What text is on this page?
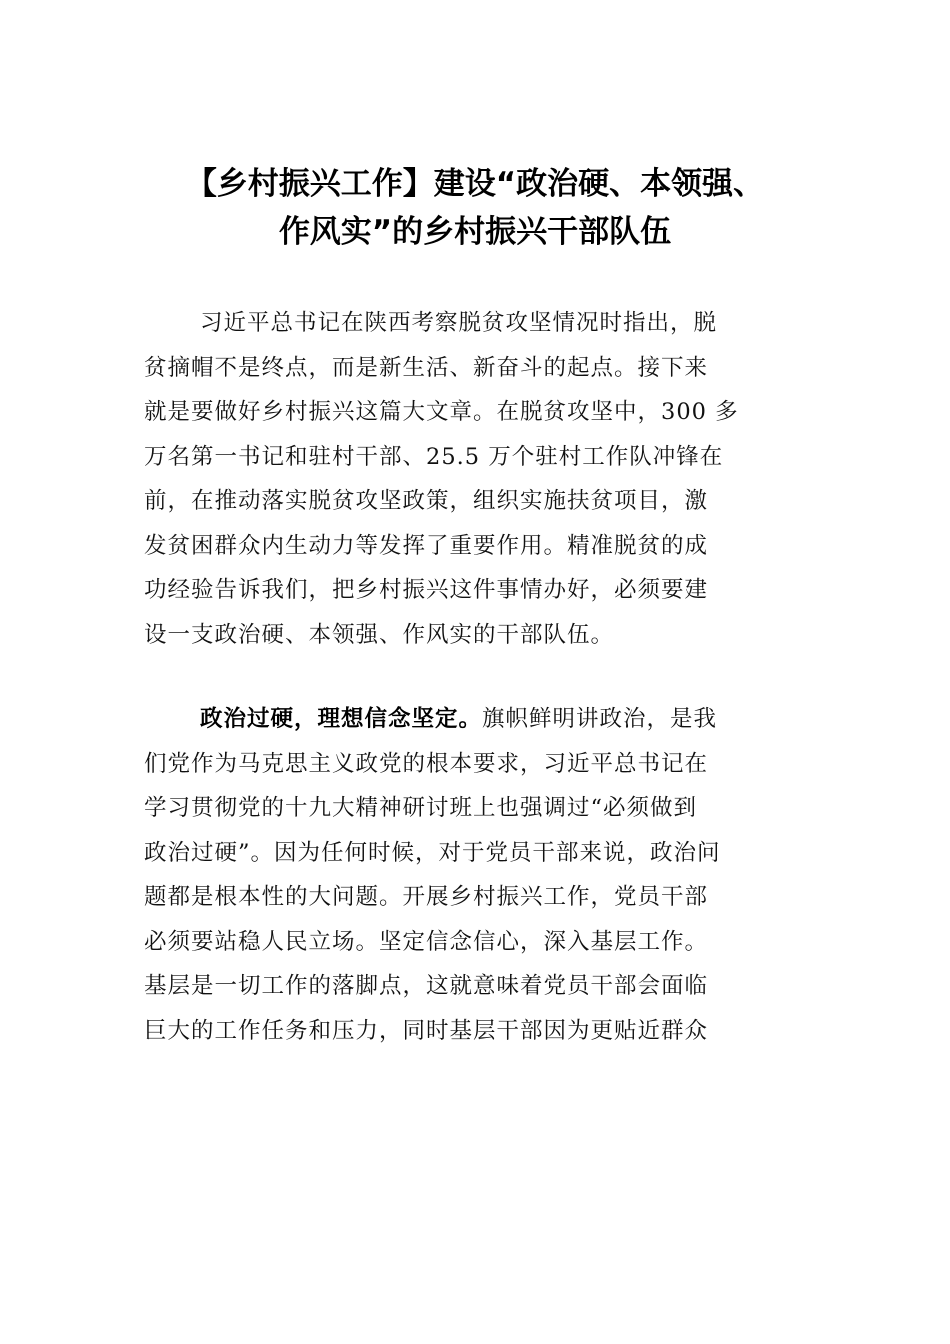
【乡村振兴工作】建设“政治硬、本领强、
作风实”的乡村振兴干部队伍

习近平总书记在陕西考察脱贫攻坚情况时指出，脱
贫摘帽不是终点，而是新生活、新奋斗的起点。接下来
就是要做好乡村振兴这篇大文章。在脱贫攻坚中，300 多
万名第一书记和驻村干部、25.5 万个驻村工作队冲锋在
前，在推动落实脱贫攻坚政策，组织实施扶贫项目，激
发贫困群众内生动力等发挥了重要作用。精准脱贫的成
功经验告诉我们，把乡村振兴这件事情办好，必须要建
设一支政治硬、本领强、作风实的干部队伍。

政治过硬，理想信念坚定。旗帜鲜明讲政治，是我
们党作为马克思主义政党的根本要求，习近平总书记在
学习贯彻党的十九大精神研讨班上也强调过“必须做到
政治过硬”。因为任何时候，对于党员干部来说，政治问
题都是根本性的大问题。开展乡村振兴工作，党员干部
必须要站稳人民立场。坚定信念信心，深入基层工作。
基层是一切工作的落脚点，这就意味着党员干部会面临
巨大的工作任务和压力，同时基层干部因为更贴近群众
